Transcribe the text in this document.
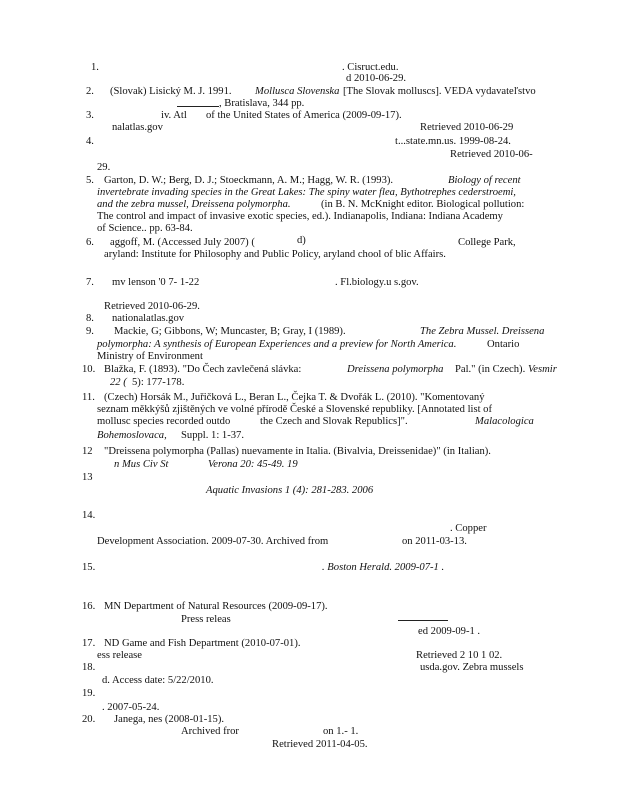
1.	. Cisruct.edu.
d 2010-06-29.
2. (Slovak) Lisický M. J. 1991. Mollusca Slovenska [The Slovak molluscs]. VEDA vydavateľstvo
, Bratislava, 344 pp.
3.	iv. Atl of the United States of America (2009-09-17).
nalatlas.gov	Retrieved 2010-06-29
4.	t...state.mn.us. 1999-08-24.
Retrieved 2010-06-
29.
5. Garton, D. W.; Berg, D. J.; Stoeckmann, A. M.; Hagg, W. R. (1993).	Biology of recent
invertebrate invading species in the Great Lakes: The spiny water flea, Bythotrephes cederstroemi,
and the zebra mussel, Dreissena polymorpha.	(in B. N. McKnight editor. Biological pollution:
The control and impact of invasive exotic species, ed.). Indianapolis, Indiana: Indiana Academy
of Science.. pp. 63-84.
6. aggoff, M. (Accessed July 2007) (	d)	College Park,
aryland: Institute for Philosophy and Public Policy, aryland chool of blic Affairs.
7. mv lenson '0 7- 1-22	. Fl.biology.u s.gov.
Retrieved 2010-06-29.
8. nationalatlas.gov
9. Mackie, G; Gibbons, W; Muncaster, B; Gray, I (1989).	The Zebra Mussel. Dreissena
polymorpha: A synthesis of European Experiences and a preview for North America.	Ontario
Ministry of Environment
10. Blažka, F. (1893). "Do Čech zavlečená slávka:	Dreissena polymorpha Pal." (in Czech). Vesmir
22 ( 5): 177-178.
11. (Czech) Horsák M., Juřičková L., Beran L., Čejka T. & Dvořák L. (2010). "Komentovaný
seznam měkkýšů zjištěných ve volné přírodě České a Slovenské republiky. [Annotated list of
mollusc species recorded outdo	the Czech and Slovak Republics]".	Malacologica
Bohemoslovaca, Suppl. 1: 1-37.
12 "Dreissena polymorpha (Pallas) nuevamente in Italia. (Bivalvia, Dreissenidae)" (in Italian).
n Mus Civ St	Verona 20: 45-49. 19
13
Aquatic Invasions 1 (4): 281-283. 2006
14.
. Copper
Development Association. 2009-07-30. Archived from	on 2011-03-13.
15.	. Boston Herald. 2009-07-1 .
16. MN Department of Natural Resources (2009-09-17).
Press releas
ed 2009-09-1 .
17. ND Game and Fish Department (2010-07-01).
ess release	Retrieved 2 10 1 02.
18.	usda.gov. Zebra mussels
d. Access date: 5/22/2010.
19.
. 2007-05-24.
20. Janega, nes (2008-01-15).
Archived fror	on 1.- 1.
Retrieved 2011-04-05.
